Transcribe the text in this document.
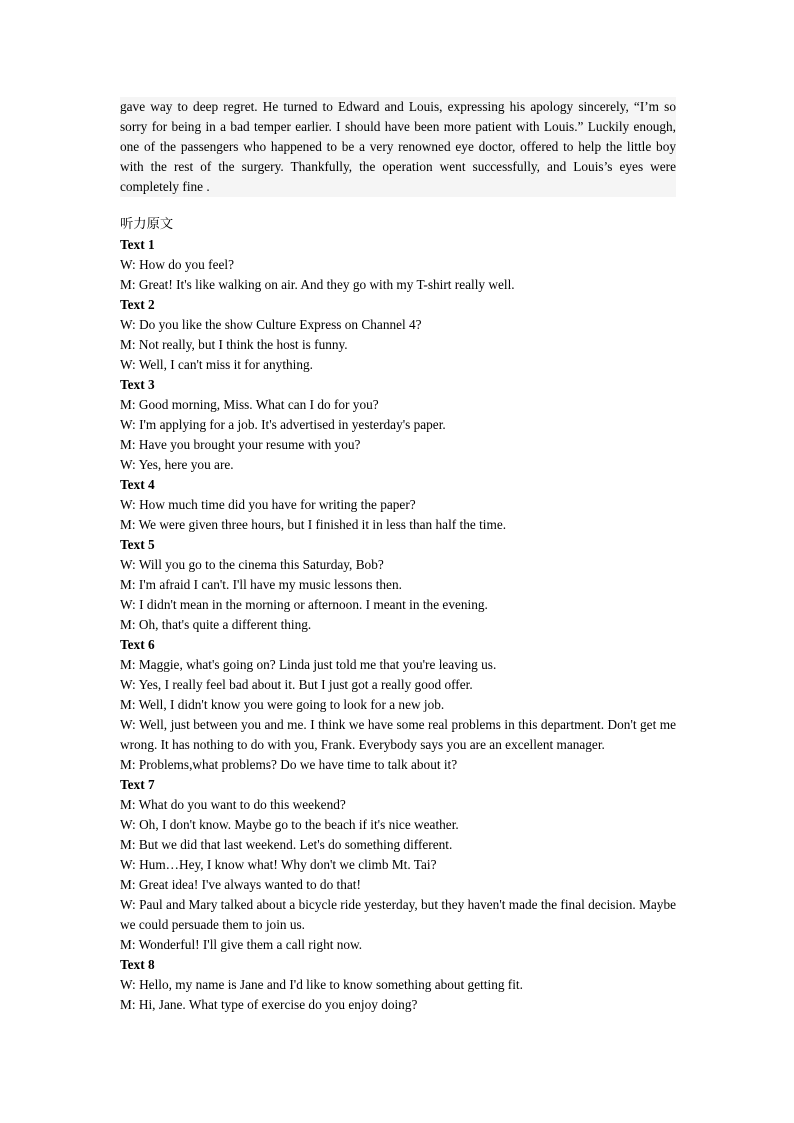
gave way to deep regret. He turned to Edward and Louis, expressing his apology sincerely, “I’m so sorry for being in a bad temper earlier. I should have been more patient with Louis.” Luckily enough, one of the passengers who happened to be a very renowned eye doctor, offered to help the little boy with the rest of the surgery. Thankfully, the operation went successfully, and Louis’s eyes were completely fine .

听力原文
Text 1
W: How do you feel?
M: Great! It's like walking on air. And they go with my T-shirt really well.
Text 2
W: Do you like the show Culture Express on Channel 4?
M: Not really, but I think the host is funny.
W: Well, I can't miss it for anything.
Text 3
M: Good morning, Miss. What can I do for you?
W: I'm applying for a job. It's advertised in yesterday's paper.
M: Have you brought your resume with you?
W: Yes, here you are.
Text 4
W: How much time did you have for writing the paper?
M: We were given three hours, but I finished it in less than half the time.
Text 5
W: Will you go to the cinema this Saturday, Bob?
M: I'm afraid I can't. I'll have my music lessons then.
W: I didn't mean in the morning or afternoon. I meant in the evening.
M: Oh, that's quite a different thing.
Text 6
M: Maggie, what's going on? Linda just told me that you're leaving us.
W: Yes, I really feel bad about it. But I just got a really good offer.
M: Well, I didn't know you were going to look for a new job.
W: Well, just between you and me. I think we have some real problems in this department. Don't get me wrong. It has nothing to do with you, Frank. Everybody says you are an excellent manager.
M: Problems,what problems? Do we have time to talk about it?
Text 7
M: What do you want to do this weekend?
W: Oh, I don't know. Maybe go to the beach if it's nice weather.
M: But we did that last weekend. Let's do something different.
W: Hum…Hey, I know what! Why don't we climb Mt. Tai?
M: Great idea! I've always wanted to do that!
W: Paul and Mary talked about a bicycle ride yesterday, but they haven't made the final decision. Maybe we could persuade them to join us.
M: Wonderful! I'll give them a call right now.
Text 8
W: Hello, my name is Jane and I'd like to know something about getting fit.
M: Hi, Jane. What type of exercise do you enjoy doing?
